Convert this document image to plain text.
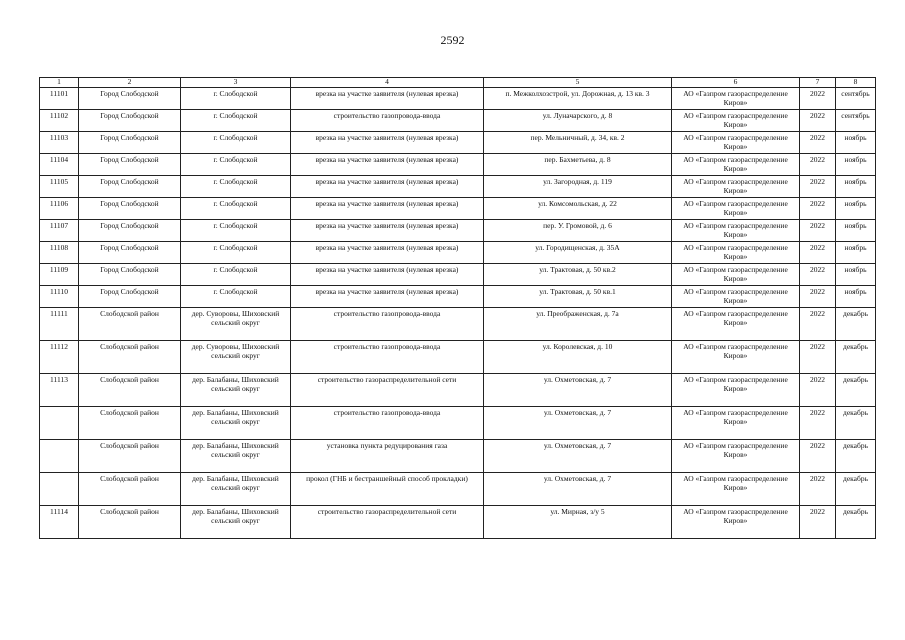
2592
1	2	3	4	5	6	7	8
11101	Город Слободской	г. Слободской	врезка на участке заявителя (нулевая врезка)	п. Межколхозстрой, ул. Дорожная, д. 13 кв. 3	АО «Газпром газораспределение Киров»	2022	сентябрь
11102	Город Слободской	г. Слободской	строительство газопровода-ввода	ул. Луначарского, д. 8	АО «Газпром газораспределение Киров»	2022	сентябрь
11103	Город Слободской	г. Слободской	врезка на участке заявителя (нулевая врезка)	пер. Мельничный, д. 34, кв. 2	АО «Газпром газораспределение Киров»	2022	ноябрь
11104	Город Слободской	г. Слободской	врезка на участке заявителя (нулевая врезка)	пер. Бахметьева, д. 8	АО «Газпром газораспределение Киров»	2022	ноябрь
11105	Город Слободской	г. Слободской	врезка на участке заявителя (нулевая врезка)	ул. Загородная, д. 119	АО «Газпром газораспределение Киров»	2022	ноябрь
11106	Город Слободской	г. Слободской	врезка на участке заявителя (нулевая врезка)	ул. Комсомольская, д. 22	АО «Газпром газораспределение Киров»	2022	ноябрь
11107	Город Слободской	г. Слободской	врезка на участке заявителя (нулевая врезка)	пер. У. Громовой, д. 6	АО «Газпром газораспределение Киров»	2022	ноябрь
11108	Город Слободской	г. Слободской	врезка на участке заявителя (нулевая врезка)	ул. Городищенская, д. 35А	АО «Газпром газораспределение Киров»	2022	ноябрь
11109	Город Слободской	г. Слободской	врезка на участке заявителя (нулевая врезка)	ул. Трактовая, д. 50 кв.2	АО «Газпром газораспределение Киров»	2022	ноябрь
11110	Город Слободской	г. Слободской	врезка на участке заявителя (нулевая врезка)	ул. Трактовая, д. 50 кв.1	АО «Газпром газораспределение Киров»	2022	ноябрь
11111	Слободской район	дер. Суворовы, Шиховский сельский округ	строительство газопровода-ввода	ул. Преображенская, д. 7а	АО «Газпром газораспределение Киров»	2022	декабрь
11112	Слободской район	дер. Суворовы, Шиховский сельский округ	строительство газопровода-ввода	ул. Королевская, д. 10	АО «Газпром газораспределение Киров»	2022	декабрь
11113	Слободской район	дер. Балабаны, Шиховский сельский округ	строительство газораспределительной сети	ул. Охметовская, д. 7	АО «Газпром газораспределение Киров»	2022	декабрь
	Слободской район	дер. Балабаны, Шиховский сельский округ	строительство газопровода-ввода	ул. Охметовская, д. 7	АО «Газпром газораспределение Киров»	2022	декабрь
	Слободской район	дер. Балабаны, Шиховский сельский округ	установка пункта редуцирования газа	ул. Охметовская, д. 7	АО «Газпром газораспределение Киров»	2022	декабрь
	Слободской район	дер. Балабаны, Шиховский сельский округ	прокол (ГНБ и бестраншейный способ прокладки)	ул. Охметовская, д. 7	АО «Газпром газораспределение Киров»	2022	декабрь
11114	Слободской район	дер. Балабаны, Шиховский сельский округ	строительство газораспределительной сети	ул. Мирная, з/у 5	АО «Газпром газораспределение Киров»	2022	декабрь
